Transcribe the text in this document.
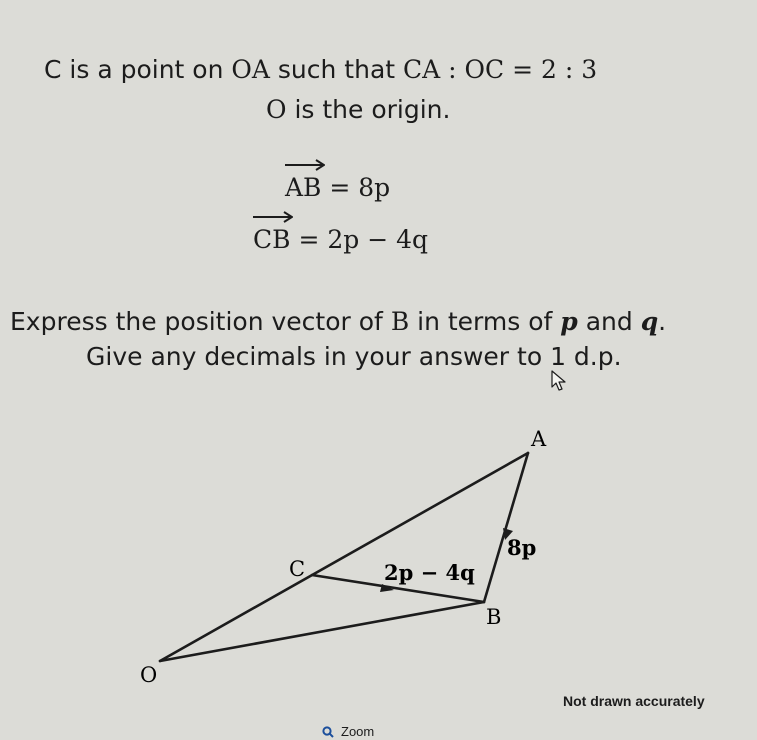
C is a point on OA such that CA : OC = 2 : 3
O is the origin.
AB = 8p
CB = 2p − 4q
Express the position vector of B in terms of p and q.
Give any decimals in your answer to 1 d.p.
A
B
C
O
8p
2p − 4q
Not drawn accurately
Zoom
